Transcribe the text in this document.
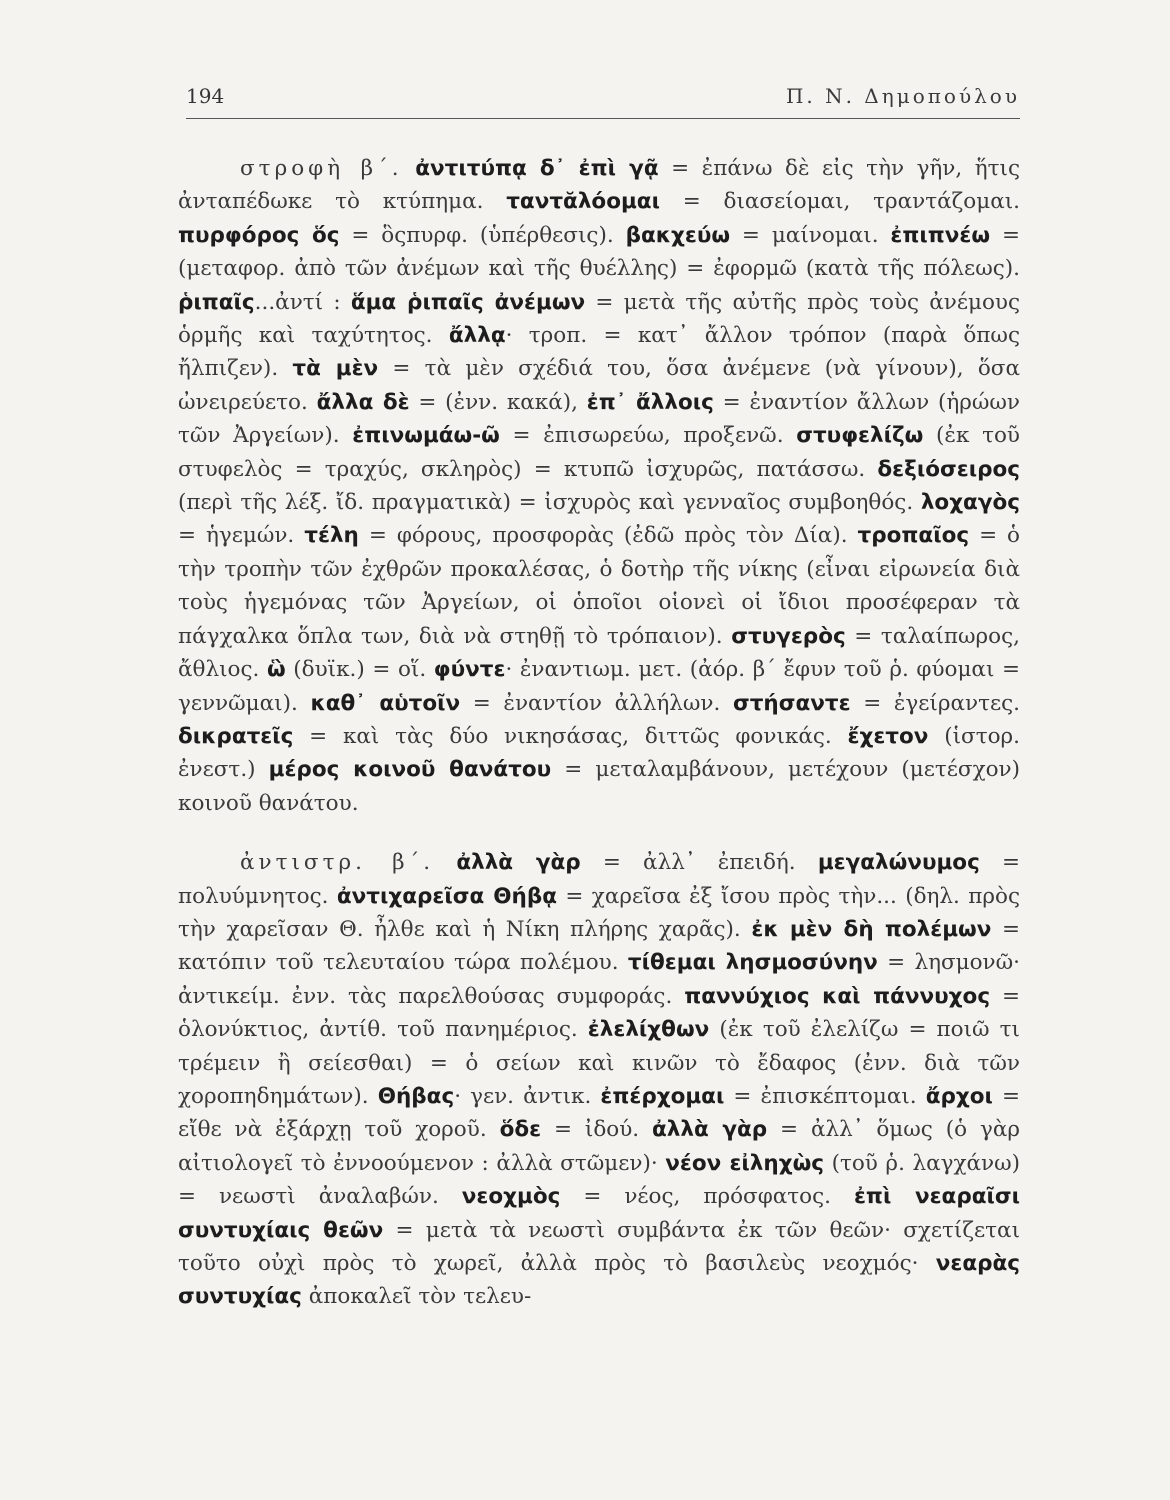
194	Π. Ν. Δημοπούλου

στροφὴ β΄. ἀντιτύπᾳ δ᾿ ἐπὶ γᾷ = ἐπάνω δὲ εἰς τὴν γῆν, ἥτις ἀνταπέδωκε τὸ κτύπημα. ταντᾰλόομαι = διασείομαι, τραντάζομαι. πυρφόρος ὅς = ὃςπυρφ. (ὑπέρθεσις). βακχεύω = μαίνομαι. ἐπιπνέω = (μεταφορ. ἀπὸ τῶν ἀνέμων καὶ τῆς θυέλλης) = ἐφορμῶ (κατὰ τῆς πόλεως). ῥιπαῖς...ἀντί : ἅμα ῥιπαῖς ἀνέμων = μετὰ τῆς αὐτῆς πρὸς τοὺς ἀνέμους ὁρμῆς καὶ ταχύτητος. ἄλλᾳ· τροπ. = κατ᾿ ἄλλον τρόπον (παρὰ ὅπως ἤλπιζεν). τὰ μὲν = τὰ μὲν σχέδιά του, ὅσα ἀνέμενε (νὰ γίνουν), ὅσα ὠνειρεύετο. ἄλλα δὲ = (ἐνν. κακά), ἐπ᾿ ἄλλοις = ἐναντίον ἄλλων (ἡρώων τῶν Ἀργείων). ἐπινωμάω-ῶ = ἐπισωρεύω, προξενῶ. στυφελίζω (ἐκ τοῦ στυφελὸς = τραχύς, σκληρὸς) = κτυπῶ ἰσχυρῶς, πατάσσω. δεξιόσειρος (περὶ τῆς λέξ. ἴδ. πραγματικὰ) = ἰσχυρὸς καὶ γενναῖος συμβοηθός. λοχαγὸς = ἡγεμών. τέλη = φόρους, προσφορὰς (ἐδῶ πρὸς τὸν Δία). τροπαῖος = ὁ τὴν τροπὴν τῶν ἐχθρῶν προκαλέσας, ὁ δοτὴρ τῆς νίκης (εἶναι εἰρωνεία διὰ τοὺς ἡγεμόνας τῶν Ἀργείων, οἱ ὁποῖοι οἱονεὶ οἱ ἴδιοι προσέφεραν τὰ πάγχαλκα ὅπλα των, διὰ νὰ στηθῇ τὸ τρόπαιον). στυγερὸς = ταλαίπωρος, ἄθλιος. ὣ (δυϊκ.) = οἵ. φύντε· ἐναντιωμ. μετ. (ἀόρ. β΄ ἔφυν τοῦ ῥ. φύομαι = γεννῶμαι). καθ᾿ αὑτοῖν = ἐναντίον ἀλλήλων. στήσαντε = ἐγείραντες. δικρατεῖς = καὶ τὰς δύο νικησάσας, διττῶς φονικάς. ἔχετον (ἱστορ. ἐνεστ.) μέρος κοινοῦ θανάτου = μεταλαμβάνουν, μετέχουν (μετέσχον) κοινοῦ θανάτου.

ἀντιστρ. β΄. ἀλλὰ γὰρ = ἀλλ᾿ ἐπειδή. μεγαλώνυμος = πολυύμνητος. ἀντιχαρεῖσα Θήβᾳ = χαρεῖσα ἐξ ἴσου πρὸς τὴν... (δηλ. πρὸς τὴν χαρεῖσαν Θ. ἦλθε καὶ ἡ Νίκη πλήρης χαρᾶς). ἐκ μὲν δὴ πολέμων = κατόπιν τοῦ τελευταίου τώρα πολέμου. τίθεμαι λησμοσύνην = λησμονῶ· ἀντικείμ. ἐνν. τὰς παρελθούσας συμφοράς. παννύχιος καὶ πάννυχος = ὁλονύκτιος, ἀντίθ. τοῦ πανημέριος. ἐλελίχθων (ἐκ τοῦ ἐλελίζω = ποιῶ τι τρέμειν ἢ σείεσθαι) = ὁ σείων καὶ κινῶν τὸ ἔδαφος (ἐνν. διὰ τῶν χοροπηδημάτων). Θήβας· γεν. ἀντικ. ἐπέρχομαι = ἐπισκέπτομαι. ἄρχοι = εἴθε νὰ ἐξάρχῃ τοῦ χοροῦ. ὅδε = ἰδού. ἀλλὰ γὰρ = ἀλλ᾿ ὅμως (ὁ γὰρ αἰτιολογεῖ τὸ ἐννοούμενον : ἀλλὰ στῶμεν)· νέον εἰληχὼς (τοῦ ῥ. λαγχάνω) = νεωστὶ ἀναλαβών. νεοχμὸς = νέος, πρόσφατος. ἐπὶ νεαραῖσι συντυχίαις θεῶν = μετὰ τὰ νεωστὶ συμβάντα ἐκ τῶν θεῶν· σχετίζεται τοῦτο οὐχὶ πρὸς τὸ χωρεῖ, ἀλλὰ πρὸς τὸ βασιλεὺς νεοχμός· νεαρὰς συντυχίας ἀποκαλεῖ τὸν τελευ-
